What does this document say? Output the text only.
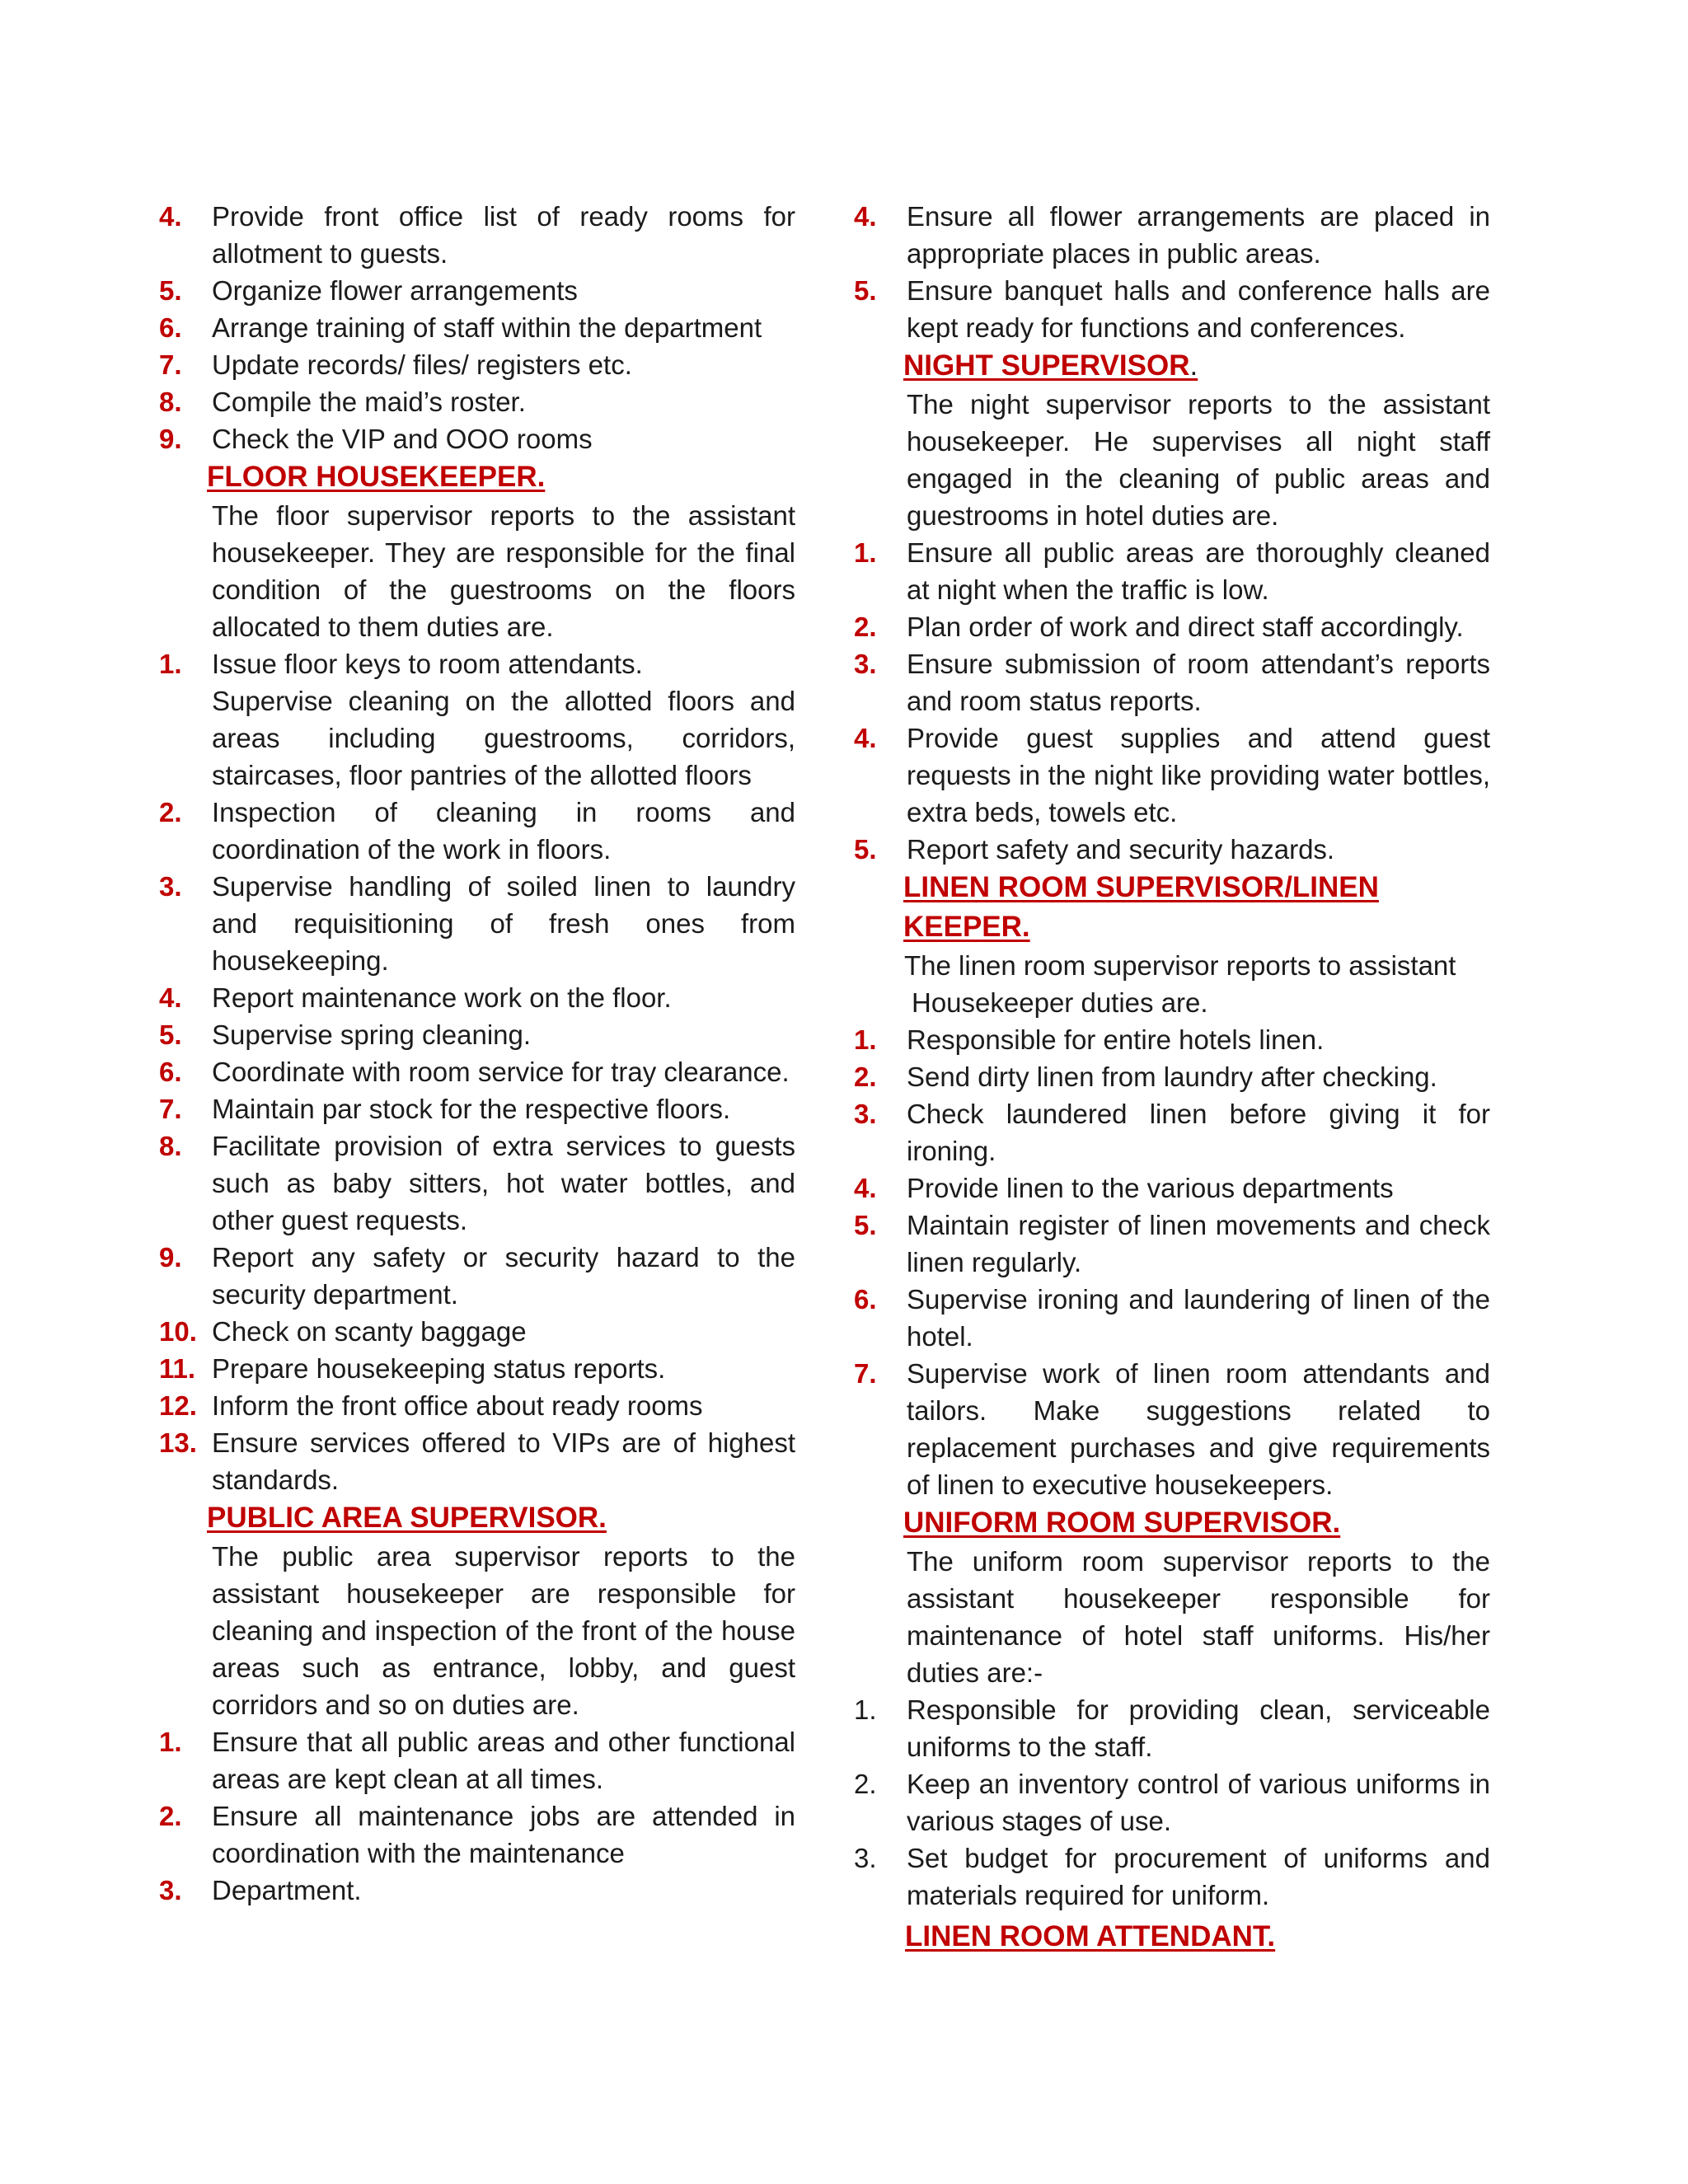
4.	Provide front office list of ready rooms for allotment to guests.
5.	Organize flower arrangements
6.	Arrange training of staff within the department
7.	Update records/ files/ registers etc.
8.	Compile the maid’s roster.
9.	Check the VIP and OOO rooms
FLOOR HOUSEKEEPER.
The floor supervisor reports to the assistant housekeeper. They are responsible for the final condition of the guestrooms on the floors allocated to them duties are.
1.	Issue floor keys to room attendants.
Supervise cleaning on the allotted floors and areas including guestrooms, corridors, staircases, floor pantries of the allotted floors
2.	Inspection of cleaning in rooms and coordination of the work in floors.
3.	Supervise handling of soiled linen to laundry and requisitioning of fresh ones from housekeeping.
4.	Report maintenance work on the floor.
5.	Supervise spring cleaning.
6.	Coordinate with room service for tray clearance.
7.	Maintain par stock for the respective floors.
8.	Facilitate provision of extra services to guests such as baby sitters, hot water bottles, and other guest requests.
9.	Report any safety or security hazard to the security department.
10. Check on scanty baggage
11. Prepare housekeeping status reports.
12. Inform the front office about ready rooms
13. Ensure services offered to VIPs are of highest standards.
PUBLIC AREA SUPERVISOR.
The public area supervisor reports to the assistant housekeeper are responsible for cleaning and inspection of the front of the house areas such as entrance, lobby, and guest corridors and so on duties are.
1.	Ensure that all public areas and other functional areas are kept clean at all times.
2.	Ensure all maintenance jobs are attended in coordination with the maintenance
3.	Department.
4.	Ensure all flower arrangements are placed in appropriate places in public areas.
5.	Ensure banquet halls and conference halls are kept ready for functions and conferences.
NIGHT SUPERVISOR.
The night supervisor reports to the assistant housekeeper. He supervises all night staff engaged in the cleaning of public areas and guestrooms in hotel duties are.
1.	Ensure all public areas are thoroughly cleaned at night when the traffic is low.
2.	Plan order of work and direct staff accordingly.
3.	Ensure submission of room attendant’s reports and room status reports.
4.	Provide guest supplies and attend guest requests in the night like providing water bottles, extra beds, towels etc.
5.	Report safety and security hazards.
LINEN ROOM SUPERVISOR/LINEN KEEPER.
The linen room supervisor reports to assistant
Housekeeper duties are.
1.	Responsible for entire hotels linen.
2.	Send dirty linen from laundry after checking.
3.	Check laundered linen before giving it for ironing.
4.	Provide linen to the various departments
5.	Maintain register of linen movements and check linen regularly.
6.	Supervise ironing and laundering of linen of the hotel.
7.	Supervise work of linen room attendants and tailors. Make suggestions related to replacement purchases and give requirements of linen to executive housekeepers.
UNIFORM ROOM SUPERVISOR.
The uniform room supervisor reports to the assistant housekeeper responsible for maintenance of hotel staff uniforms. His/her duties are:-
1.	Responsible for providing clean, serviceable uniforms to the staff.
2.	Keep an inventory control of various uniforms in various stages of use.
3.	Set budget for procurement of uniforms and materials required for uniform.
LINEN ROOM ATTENDANT.
